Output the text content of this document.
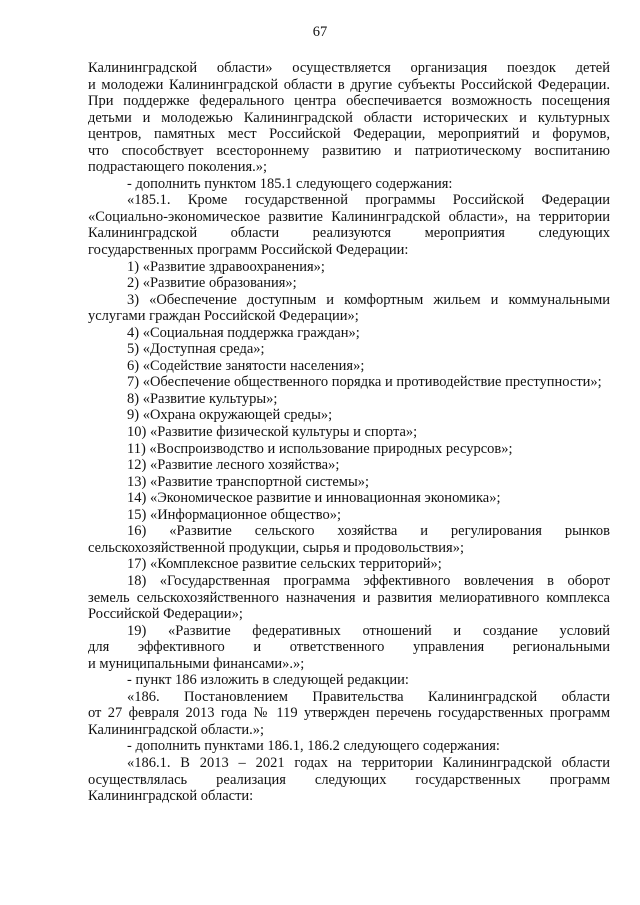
67
Калининградской области» осуществляется организация поездок детей
и молодежи Калининградской области в другие субъекты Российской Федерации.
При поддержке федерального центра обеспечивается возможность посещения
детьми и молодежью Калининградской области исторических и культурных
центров, памятных мест Российской Федерации, мероприятий и форумов,
что способствует всестороннему развитию и патриотическому воспитанию
подрастающего поколения.»;
- дополнить пунктом 185.1 следующего содержания:
«185.1. Кроме государственной программы Российской Федерации
«Социально-экономическое развитие Калининградской области», на территории
Калининградской области реализуются мероприятия следующих
государственных программ Российской Федерации:
1) «Развитие здравоохранения»;
2) «Развитие образования»;
3) «Обеспечение доступным и комфортным жильем и коммунальными
услугами граждан Российской Федерации»;
4) «Социальная поддержка граждан»;
5) «Доступная среда»;
6) «Содействие занятости населения»;
7) «Обеспечение общественного порядка и противодействие преступности»;
8) «Развитие культуры»;
9) «Охрана окружающей среды»;
10) «Развитие физической культуры и спорта»;
11) «Воспроизводство и использование природных ресурсов»;
12) «Развитие лесного хозяйства»;
13) «Развитие транспортной системы»;
14) «Экономическое развитие и инновационная экономика»;
15) «Информационное общество»;
16) «Развитие сельского хозяйства и регулирования рынков
сельскохозяйственной продукции, сырья и продовольствия»;
17) «Комплексное развитие сельских территорий»;
18) «Государственная программа эффективного вовлечения в оборот
земель сельскохозяйственного назначения и развития мелиоративного комплекса
Российской Федерации»;
19) «Развитие федеративных отношений и создание условий
для эффективного и ответственного управления региональными
и муниципальными финансами».»;
- пункт 186 изложить в следующей редакции:
«186. Постановлением Правительства Калининградской области
от 27 февраля 2013 года № 119 утвержден перечень государственных программ
Калининградской области.»;
- дополнить пунктами 186.1, 186.2 следующего содержания:
«186.1. В 2013 – 2021 годах на территории Калининградской области
осуществлялась реализация следующих государственных программ
Калининградской области:
